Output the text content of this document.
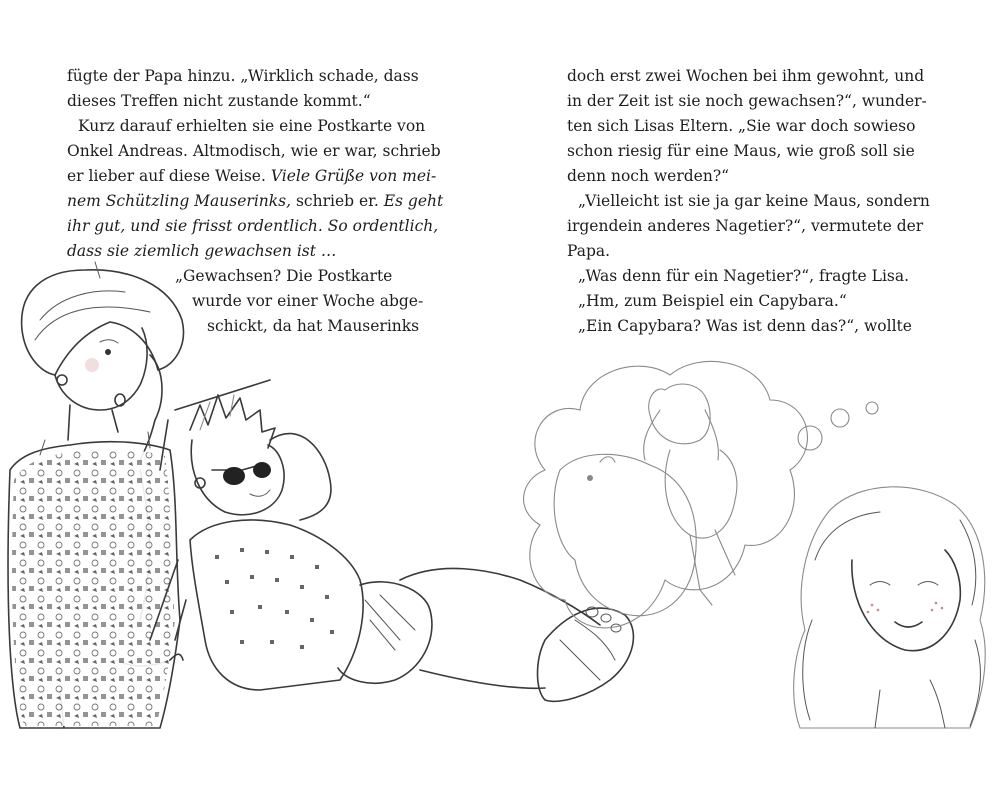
fügte der Papa hinzu. „Wirklich schade, dass
dieses Treffen nicht zustande kommt.“
Kurz darauf erhielten sie eine Postkarte von
Onkel Andreas. Altmodisch, wie er war, schrieb
er lieber auf diese Weise. Viele Grüße von mei-
nem Schützling Mauserinks, schrieb er. Es geht
ihr gut, und sie frisst ordentlich. So ordentlich,
dass sie ziemlich gewachsen ist …
„Gewachsen? Die Postkarte
wurde vor einer Woche abge-
schickt, da hat Mauserinks
doch erst zwei Wochen bei ihm gewohnt, und
in der Zeit ist sie noch gewachsen?“, wunder-
ten sich Lisas Eltern. „Sie war doch sowieso
schon riesig für eine Maus, wie groß soll sie
denn noch werden?“
„Vielleicht ist sie ja gar keine Maus, sondern
irgendein anderes Nagetier?“, vermutete der
Papa.
„Was denn für ein Nagetier?“, fragte Lisa.
„Hm, zum Beispiel ein Capybara.“
„Ein Capybara? Was ist denn das?“, wollte
